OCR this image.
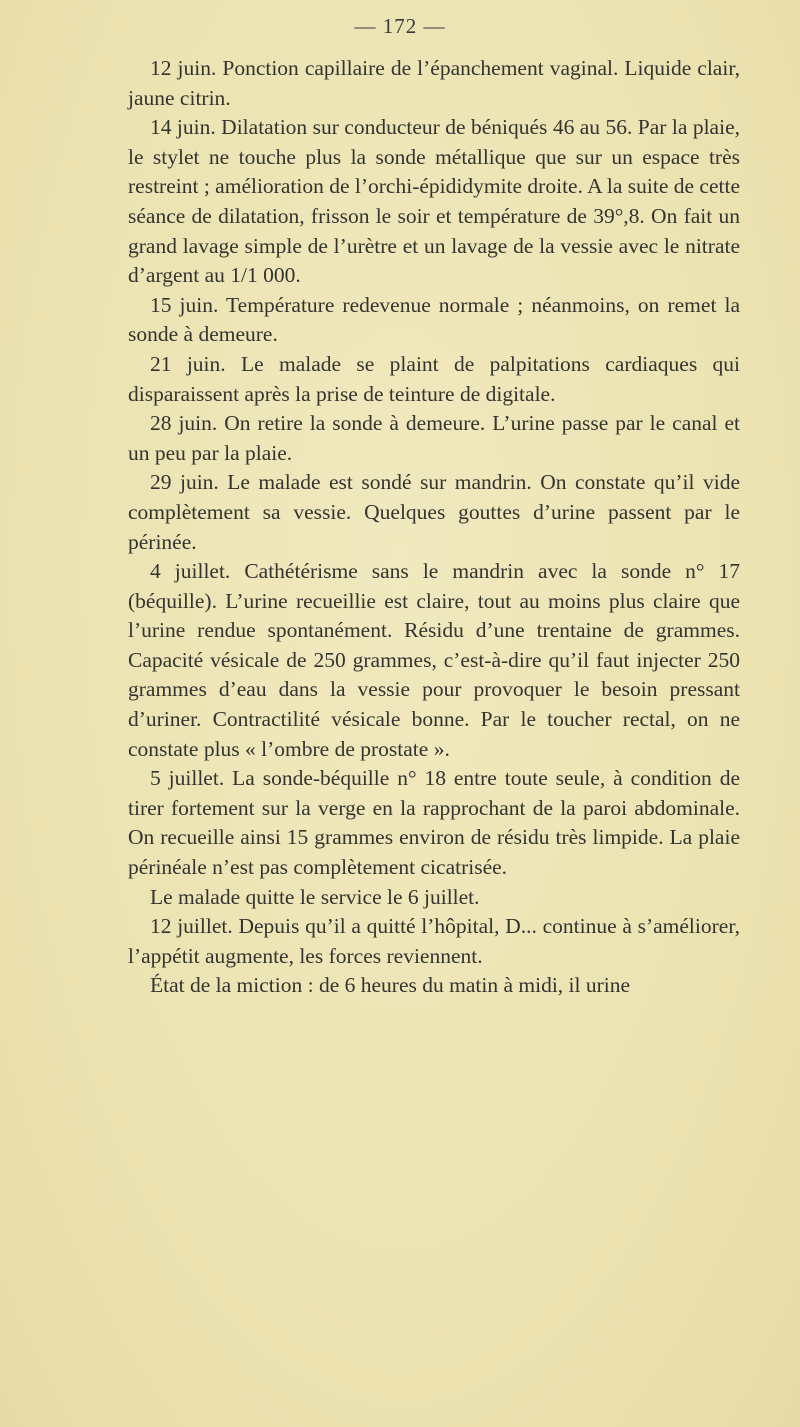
— 172 —

12 juin. Ponction capillaire de l’épanchement vaginal. Liquide clair, jaune citrin.

14 juin. Dilatation sur conducteur de béniqués 46 au 56. Par la plaie, le stylet ne touche plus la sonde métallique que sur un espace très restreint ; amélioration de l’orchi-épididymite droite. A la suite de cette séance de dilatation, frisson le soir et température de 39°,8. On fait un grand lavage simple de l’urètre et un lavage de la vessie avec le nitrate d’argent au 1/1 000.

15 juin. Température redevenue normale ; néanmoins, on remet la sonde à demeure.

21 juin. Le malade se plaint de palpitations cardiaques qui disparaissent après la prise de teinture de digitale.

28 juin. On retire la sonde à demeure. L’urine passe par le canal et un peu par la plaie.

29 juin. Le malade est sondé sur mandrin. On constate qu’il vide complètement sa vessie. Quelques gouttes d’urine passent par le périnée.

4 juillet. Cathétérisme sans le mandrin avec la sonde n° 17 (béquille). L’urine recueillie est claire, tout au moins plus claire que l’urine rendue spontanément. Résidu d’une trentaine de grammes. Capacité vésicale de 250 grammes, c’est-à-dire qu’il faut injecter 250 grammes d’eau dans la vessie pour provoquer le besoin pressant d’uriner. Contractilité vésicale bonne. Par le toucher rectal, on ne constate plus « l’ombre de prostate ».

5 juillet. La sonde-béquille n° 18 entre toute seule, à condition de tirer fortement sur la verge en la rapprochant de la paroi abdominale. On recueille ainsi 15 grammes environ de résidu très limpide. La plaie périnéale n’est pas complètement cicatrisée.

Le malade quitte le service le 6 juillet.

12 juillet. Depuis qu’il a quitté l’hôpital, D... continue à s’améliorer, l’appétit augmente, les forces reviennent.

État de la miction : de 6 heures du matin à midi, il urine
